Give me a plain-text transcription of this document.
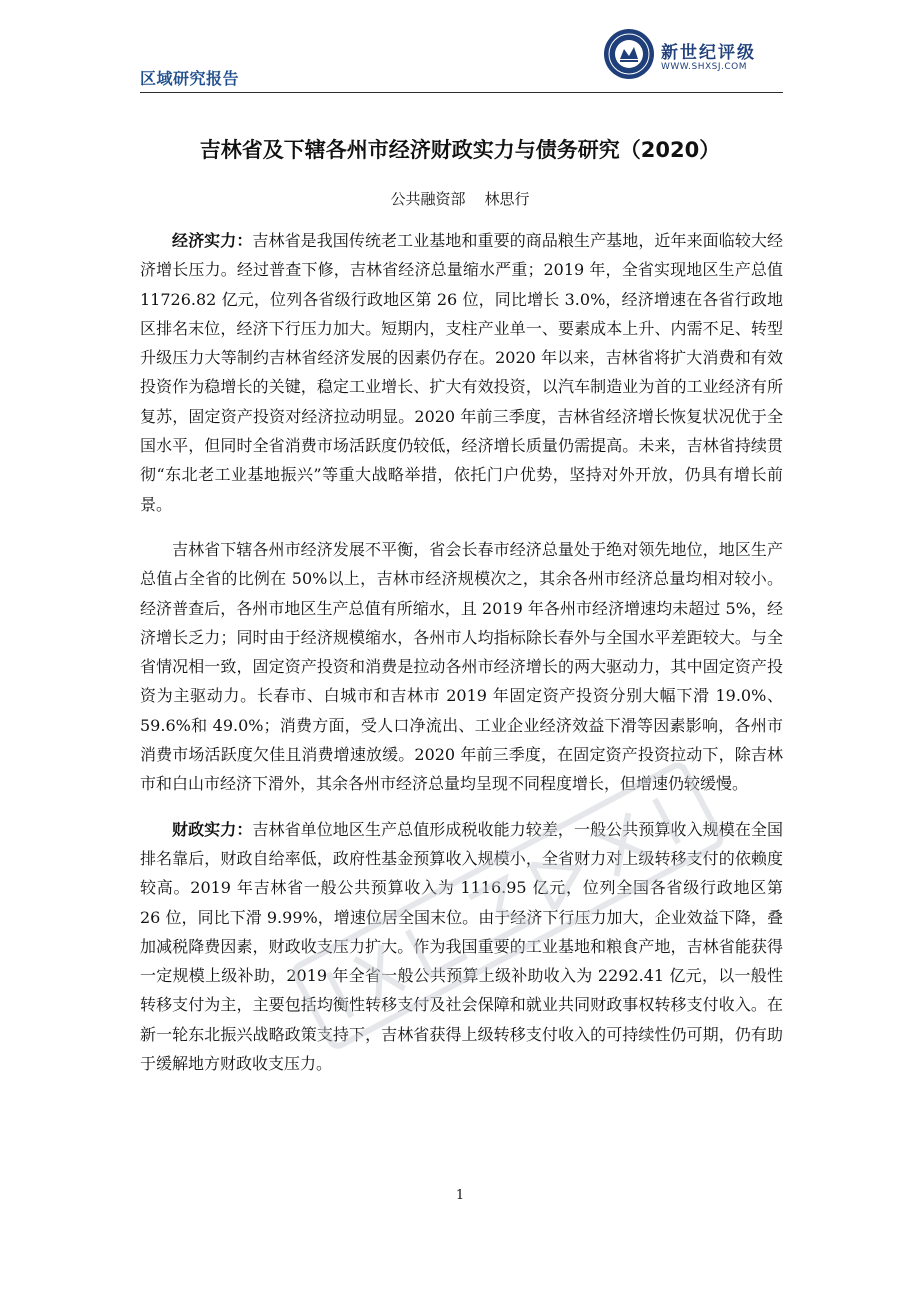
区域研究报告
新世纪评级
WWW.SHXSJ.COM
吉林省及下辖各州市经济财政实力与债务研究（2020）
公共融资部 林思行

经济实力：吉林省是我国传统老工业基地和重要的商品粮生产基地，近年来面临较大经济增长压力。经过普查下修，吉林省经济总量缩水严重；2019 年，全省实现地区生产总值 11726.82 亿元，位列各省级行政地区第 26 位，同比增长 3.0%，经济增速在各省行政地区排名末位，经济下行压力加大。短期内，支柱产业单一、要素成本上升、内需不足、转型升级压力大等制约吉林省经济发展的因素仍存在。2020 年以来，吉林省将扩大消费和有效投资作为稳增长的关键，稳定工业增长、扩大有效投资，以汽车制造业为首的工业经济有所复苏，固定资产投资对经济拉动明显。2020 年前三季度，吉林省经济增长恢复状况优于全国水平，但同时全省消费市场活跃度仍较低，经济增长质量仍需提高。未来，吉林省持续贯彻“东北老工业基地振兴”等重大战略举措，依托门户优势，坚持对外开放，仍具有增长前景。

吉林省下辖各州市经济发展不平衡，省会长春市经济总量处于绝对领先地位，地区生产总值占全省的比例在 50%以上，吉林市经济规模次之，其余各州市经济总量均相对较小。经济普查后，各州市地区生产总值有所缩水，且 2019 年各州市经济增速均未超过 5%，经济增长乏力；同时由于经济规模缩水，各州市人均指标除长春外与全国水平差距较大。与全省情况相一致，固定资产投资和消费是拉动各州市经济增长的两大驱动力，其中固定资产投资为主驱动力。长春市、白城市和吉林市 2019 年固定资产投资分别大幅下滑 19.0%、59.6%和 49.0%；消费方面，受人口净流出、工业企业经济效益下滑等因素影响，各州市消费市场活跃度欠佳且消费增速放缓。2020 年前三季度，在固定资产投资拉动下，除吉林市和白山市经济下滑外，其余各州市经济总量均呈现不同程度增长，但增速仍较缓慢。

财政实力：吉林省单位地区生产总值形成税收能力较差，一般公共预算收入规模在全国排名靠后，财政自给率低，政府性基金预算收入规模小，全省财力对上级转移支付的依赖度较高。2019 年吉林省一般公共预算收入为 1116.95 亿元，位列全国各省级行政地区第 26 位，同比下滑 9.99%，增速位居全国末位。由于经济下行压力加大，企业效益下降，叠加减税降费因素，财政收支压力扩大。作为我国重要的工业基地和粮食产地，吉林省能获得一定规模上级补助，2019 年全省一般公共预算上级补助收入为 2292.41 亿元，以一般性转移支付为主，主要包括均衡性转移支付及社会保障和就业共同财政事权转移支付收入。在新一轮东北振兴战略政策支持下，吉林省获得上级转移支付收入的可持续性仍可期，仍有助于缓解地方财政收支压力。

1
